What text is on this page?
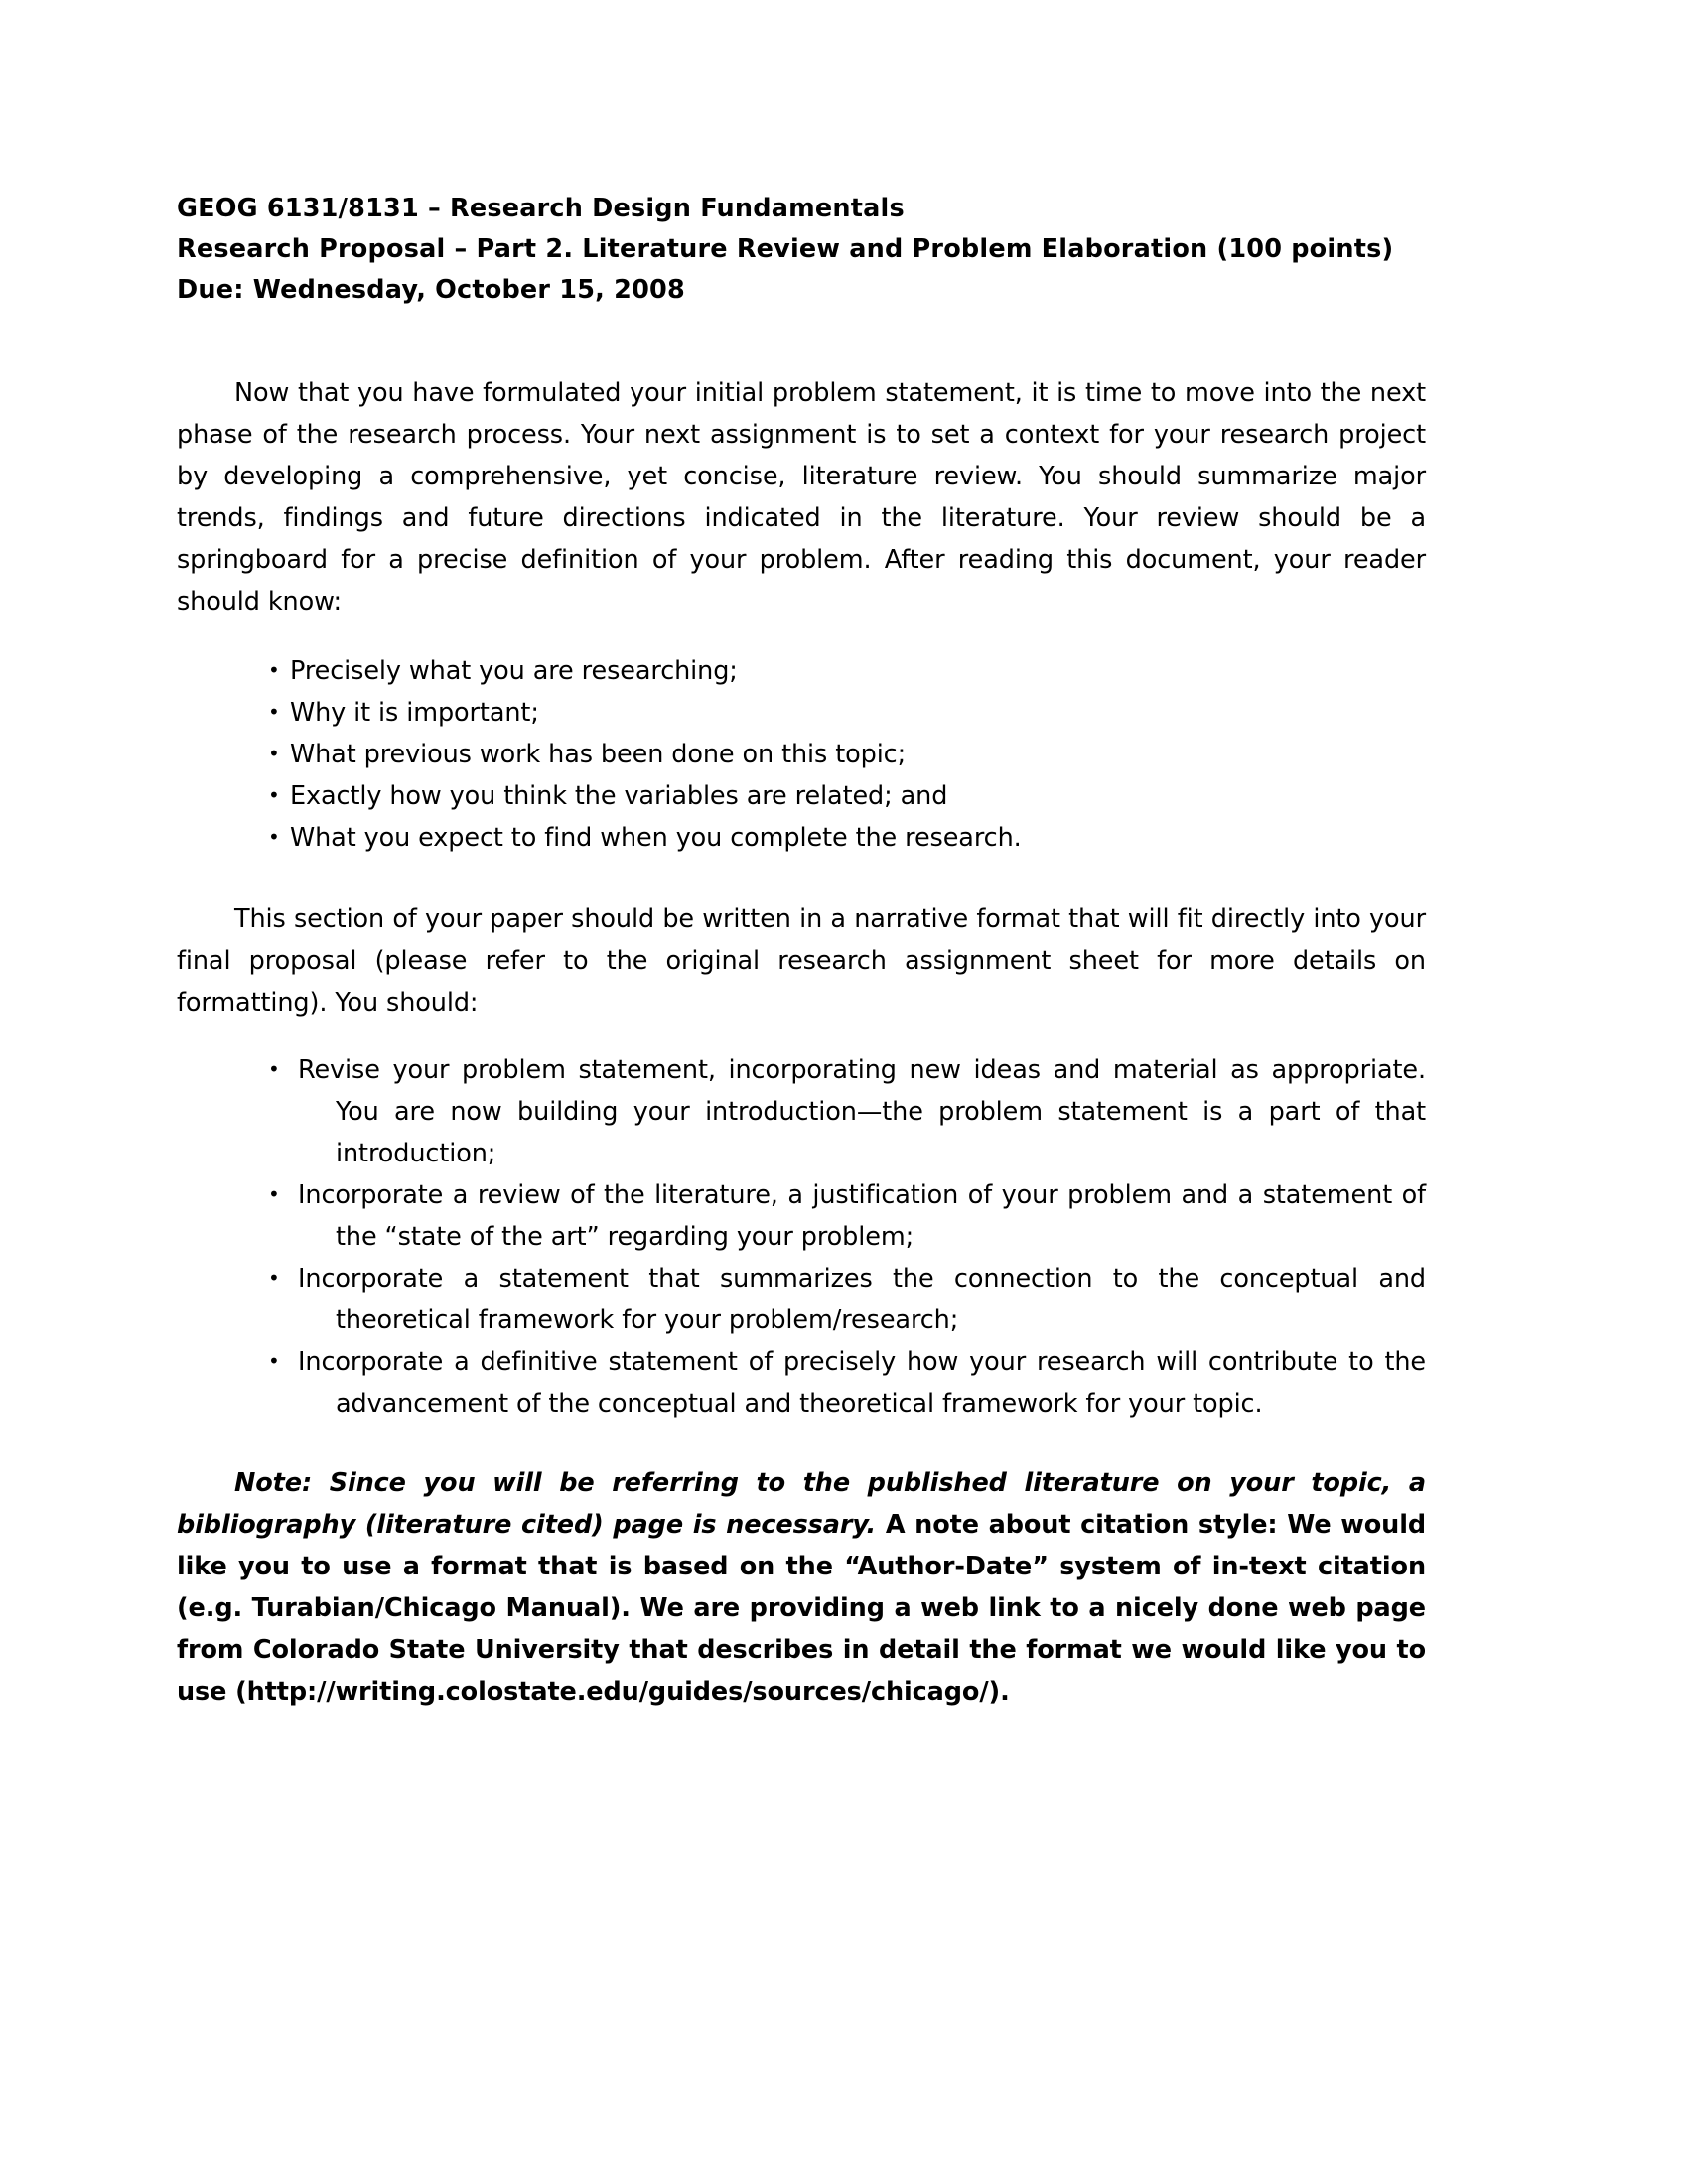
GEOG 6131/8131 – Research Design Fundamentals
Research Proposal – Part 2. Literature Review and Problem Elaboration (100 points)
Due: Wednesday, October 15, 2008

Now that you have formulated your initial problem statement, it is time to move into the next phase of the research process. Your next assignment is to set a context for your research project by developing a comprehensive, yet concise, literature review. You should summarize major trends, findings and future directions indicated in the literature. Your review should be a springboard for a precise definition of your problem. After reading this document, your reader should know:

• Precisely what you are researching;
• Why it is important;
• What previous work has been done on this topic;
• Exactly how you think the variables are related; and
• What you expect to find when you complete the research.

This section of your paper should be written in a narrative format that will fit directly into your final proposal (please refer to the original research assignment sheet for more details on formatting). You should:

• Revise your problem statement, incorporating new ideas and material as appropriate. You are now building your introduction—the problem statement is a part of that introduction;
• Incorporate a review of the literature, a justification of your problem and a statement of the “state of the art” regarding your problem;
• Incorporate a statement that summarizes the connection to the conceptual and theoretical framework for your problem/research;
• Incorporate a definitive statement of precisely how your research will contribute to the advancement of the conceptual and theoretical framework for your topic.

Note: Since you will be referring to the published literature on your topic, a bibliography (literature cited) page is necessary. A note about citation style: We would like you to use a format that is based on the “Author-Date” system of in-text citation (e.g. Turabian/Chicago Manual). We are providing a web link to a nicely done web page from Colorado State University that describes in detail the format we would like you to use (http://writing.colostate.edu/guides/sources/chicago/).
